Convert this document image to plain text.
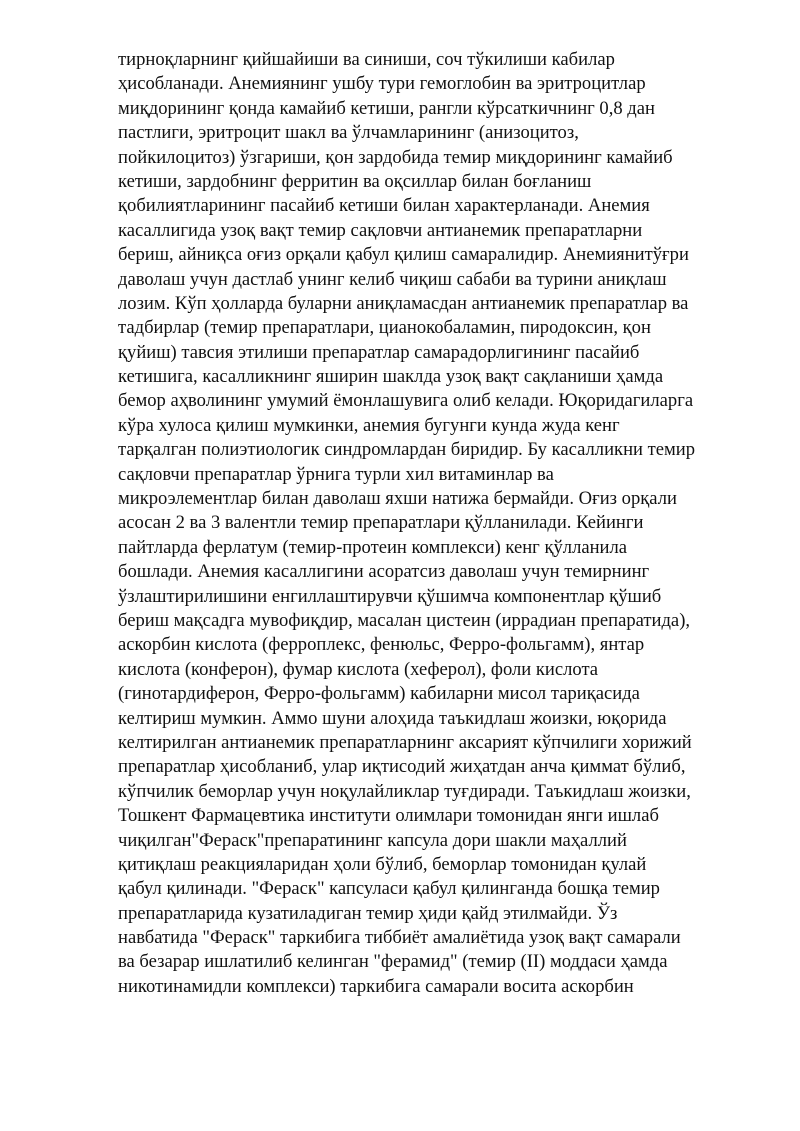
тирноқларнинг қийшайиши ва синиши, соч тўкилиши кабилар
ҳисобланади. Анемиянинг ушбу тури гемоглобин ва эритроцитлар
миқдорининг қонда камайиб кетиши, рангли кўрсаткичнинг 0,8 дан
пастлиги, эритроцит шакл ва ўлчамларининг (анизоцитоз,
пойкилоцитоз) ўзгариши, қон зардобида темир миқдорининг камайиб
кетиши, зардобнинг ферритин ва оқсиллар билан боғланиш
қобилиятларининг пасайиб кетиши билан характерланади. Анемия
касаллигида узоқ вақт темир сақловчи антианемик препаратларни
бериш, айниқса оғиз орқали қабул қилиш самаралидир. Анемиянитўғри
даволаш учун дастлаб унинг келиб чиқиш сабаби ва турини аниқлаш
лозим. Кўп ҳолларда буларни аниқламасдан антианемик препаратлар ва
тадбирлар (темир препаратлари, цианокобаламин, пиродоксин, қон
қуйиш) тавсия этилиши препаратлар самарадорлигининг пасайиб
кетишига, касалликнинг яширин шаклда узоқ вақт сақланиши ҳамда
бемор аҳволининг умумий ёмонлашувига олиб келади. Юқоридагиларга
кўра хулоса қилиш мумкинки, анемия бугунги кунда жуда кенг
тарқалган полиэтиологик синдромлардан биридир. Бу касалликни темир
сақловчи препаратлар ўрнига турли хил витаминлар ва
микроэлементлар билан даволаш яхши натижа бермайди. Оғиз орқали
асосан 2 ва 3 валентли темир препаратлари қўлланилади. Кейинги
пайтларда ферлатум (темир-протеин комплекси) кенг қўлланила
бошлади. Анемия касаллигини асоратсиз даволаш учун темирнинг
ўзлаштирилишини енгиллаштирувчи қўшимча компонентлар қўшиб
бериш мақсадга мувофиқдир, масалан цистеин (иррадиан препаратида),
аскорбин кислота (ферроплекс, фенюльс, Ферро-фольгамм), янтар
кислота (конферон), фумар кислота (хеферол), фоли кислота
(гинотардиферон, Ферро-фольгамм) кабиларни мисол тариқасида
келтириш мумкин. Аммо шуни алоҳида таъкидлаш жоизки, юқорида
келтирилган антианемик препаратларнинг аксарият кўпчилиги хорижий
препаратлар ҳисобланиб, улар иқтисодий жиҳатдан анча қиммат бўлиб,
кўпчилик беморлар учун ноқулайликлар туғдиради. Таъкидлаш жоизки,
Тошкент Фармацевтика институти олимлари томонидан янги ишлаб
чиқилган"Фераск"препаратининг капсула дори шакли маҳаллий
қитиқлаш реакцияларидан ҳоли бўлиб, беморлар томонидан қулай
қабул қилинади. "Фераск" капсуласи қабул қилинганда бошқа темир
препаратларида кузатиладиган темир ҳиди қайд этилмайди. Ўз
навбатида "Фераск" таркибига тиббиёт амалиётида узоқ вақт самарали
ва безарар ишлатилиб келинган "ферамид" (темир (II) моддаси ҳамда
никотинамидли комплекси) таркибига самарали восита аскорбин
